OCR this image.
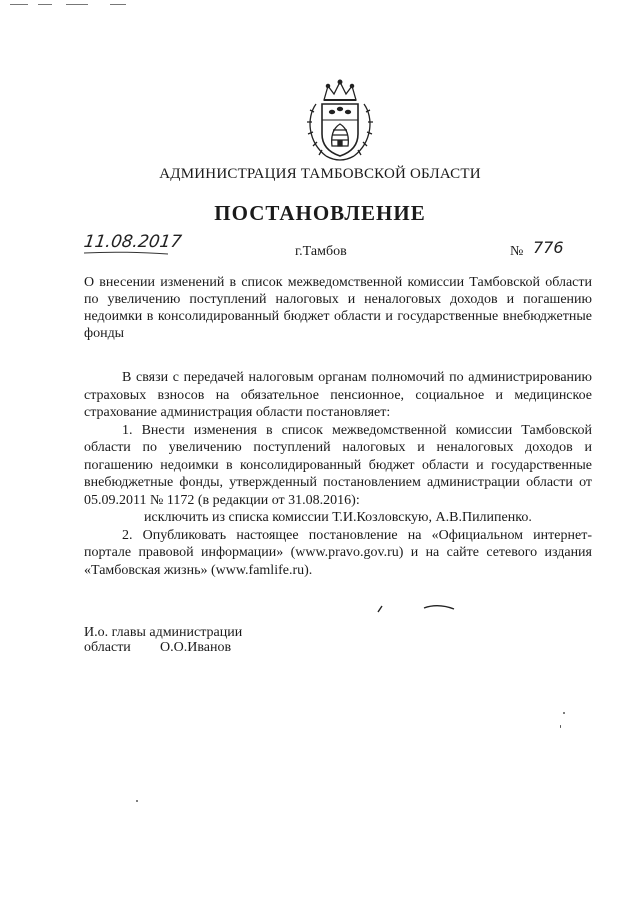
АДМИНИСТРАЦИЯ ТАМБОВСКОЙ ОБЛАСТИ
ПОСТАНОВЛЕНИЕ
11.08.2017	г.Тамбов	№ 776
О внесении изменений в список межведомственной комиссии Тамбовской области по увеличению поступлений налоговых и неналоговых доходов и погашению недоимки в консолидированный бюджет области и государственные внебюджетные фонды

В связи с передачей налоговым органам полномочий по администрированию страховых взносов на обязательное пенсионное, социальное и медицинское страхование администрация области постановляет:

1. Внести изменения в список межведомственной комиссии Тамбовской области по увеличению поступлений налоговых и неналоговых доходов и погашению недоимки в консолидированный бюджет области и государственные внебюджетные фонды, утвержденный постановлением администрации области от 05.09.2011 № 1172 (в редакции от 31.08.2016):

исключить из списка комиссии Т.И.Козловскую, А.В.Пилипенко.

2. Опубликовать настоящее постановление на «Официальном интернет-портале правовой информации» (www.pravo.gov.ru) и на сайте сетевого издания «Тамбовская жизнь» (www.famlife.ru).

И.о. главы администрации
области О.О.Иванов
